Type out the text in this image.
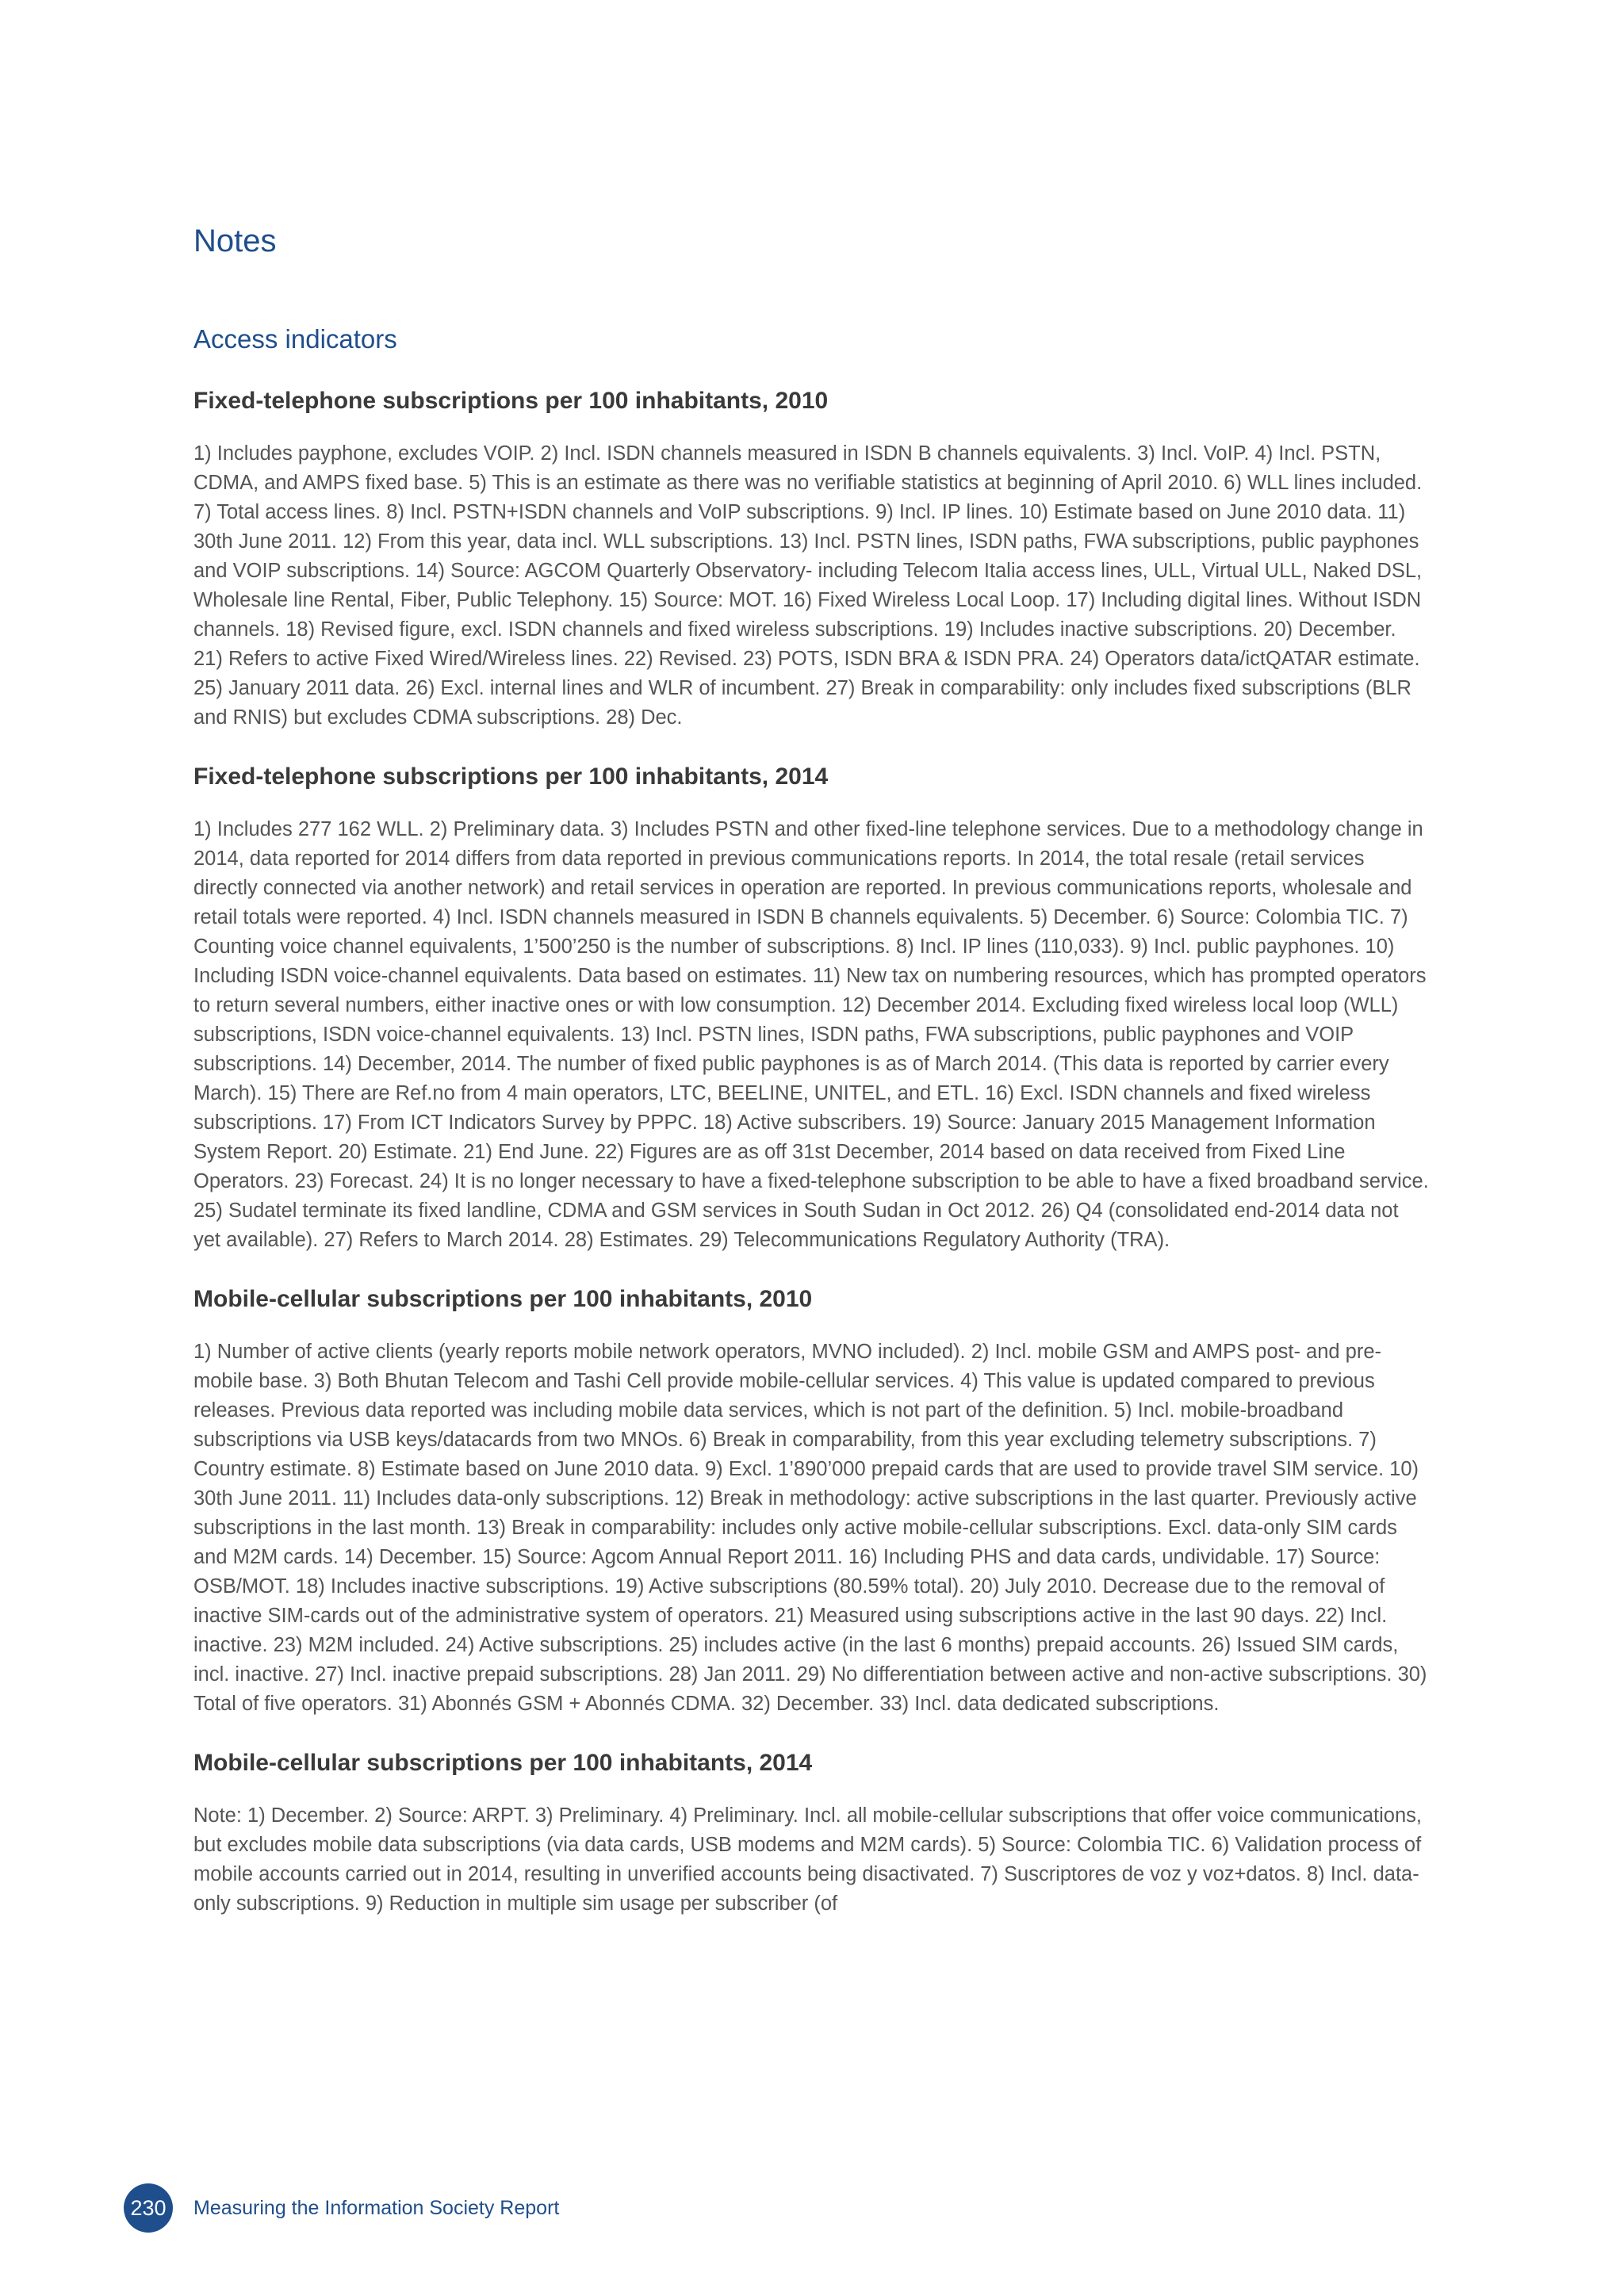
Notes
Access indicators
Fixed-telephone subscriptions per 100 inhabitants, 2010

1) Includes payphone, excludes VOIP. 2) Incl. ISDN channels measured in ISDN B channels equivalents. 3) Incl. VoIP. 4) Incl. PSTN, CDMA, and AMPS fixed base. 5) This is an estimate as there was no verifiable statistics at beginning of April 2010. 6) WLL lines included. 7) Total access lines. 8) Incl. PSTN+ISDN channels and VoIP subscriptions. 9) Incl. IP lines. 10) Estimate based on June 2010 data. 11) 30th June 2011. 12) From this year, data incl. WLL subscriptions. 13) Incl. PSTN lines, ISDN paths, FWA subscriptions, public payphones and VOIP subscriptions. 14) Source: AGCOM Quarterly Observatory- including Telecom Italia access lines, ULL, Virtual ULL, Naked DSL, Wholesale line Rental, Fiber, Public Telephony. 15) Source: MOT. 16) Fixed Wireless Local Loop. 17) Including digital lines. Without ISDN channels. 18) Revised figure, excl. ISDN channels and fixed wireless subscriptions. 19) Includes inactive subscriptions. 20) December. 21) Refers to active Fixed Wired/Wireless lines. 22) Revised. 23) POTS, ISDN BRA & ISDN PRA. 24) Operators data/ictQATAR estimate. 25) January 2011 data. 26) Excl. internal lines and WLR of incumbent. 27) Break in comparability: only includes fixed subscriptions (BLR and RNIS) but excludes CDMA subscriptions. 28) Dec.

Fixed-telephone subscriptions per 100 inhabitants, 2014

1) Includes 277 162 WLL. 2) Preliminary data. 3) Includes PSTN and other fixed-line telephone services. Due to a methodology change in 2014, data reported for 2014 differs from data reported in previous communications reports. In 2014, the total resale (retail services directly connected via another network) and retail services in operation are reported. In previous communications reports, wholesale and retail totals were reported. 4) Incl. ISDN channels measured in ISDN B channels equivalents. 5) December. 6) Source: Colombia TIC. 7) Counting voice channel equivalents, 1’500’250 is the number of subscriptions. 8) Incl. IP lines (110,033). 9) Incl. public payphones. 10) Including ISDN voice-channel equivalents. Data based on estimates. 11) New tax on numbering resources, which has prompted operators to return several numbers, either inactive ones or with low consumption. 12) December 2014. Excluding fixed wireless local loop (WLL) subscriptions, ISDN voice-channel equivalents. 13) Incl. PSTN lines, ISDN paths, FWA subscriptions, public payphones and VOIP subscriptions. 14) December, 2014. The number of fixed public payphones is as of March 2014. (This data is reported by carrier every March). 15) There are Ref.no from 4 main operators, LTC, BEELINE, UNITEL, and ETL. 16) Excl. ISDN channels and fixed wireless subscriptions. 17) From ICT Indicators Survey by PPPC. 18) Active subscribers. 19) Source: January 2015 Management Information System Report. 20) Estimate. 21) End June. 22) Figures are as off 31st December, 2014 based on data received from Fixed Line Operators. 23) Forecast. 24) It is no longer necessary to have a fixed-telephone subscription to be able to have a fixed broadband service. 25) Sudatel terminate its fixed landline, CDMA and GSM services in South Sudan in Oct 2012. 26) Q4 (consolidated end-2014 data not yet available). 27) Refers to March 2014. 28) Estimates. 29) Telecommunications Regulatory Authority (TRA).

Mobile-cellular subscriptions per 100 inhabitants, 2010

1) Number of active clients (yearly reports mobile network operators, MVNO included). 2) Incl. mobile GSM and AMPS post- and pre- mobile base. 3) Both Bhutan Telecom and Tashi Cell provide mobile-cellular services. 4) This value is updated compared to previous releases. Previous data reported was including mobile data services, which is not part of the definition. 5) Incl. mobile-broadband subscriptions via USB keys/datacards from two MNOs. 6) Break in comparability, from this year excluding telemetry subscriptions. 7) Country estimate. 8) Estimate based on June 2010 data. 9) Excl. 1’890’000 prepaid cards that are used to provide travel SIM service. 10) 30th June 2011. 11) Includes data-only subscriptions. 12) Break in methodology: active subscriptions in the last quarter. Previously active subscriptions in the last month. 13) Break in comparability: includes only active mobile-cellular subscriptions. Excl. data-only SIM cards and M2M cards. 14) December. 15) Source: Agcom Annual Report 2011. 16) Including PHS and data cards, undividable. 17) Source: OSB/MOT. 18) Includes inactive subscriptions. 19) Active subscriptions (80.59% total). 20) July 2010. Decrease due to the removal of inactive SIM-cards out of the administrative system of operators. 21) Measured using subscriptions active in the last 90 days. 22) Incl. inactive. 23) M2M included. 24) Active subscriptions. 25) includes active (in the last 6 months) prepaid accounts. 26) Issued SIM cards, incl. inactive. 27) Incl. inactive prepaid subscriptions. 28) Jan 2011. 29) No differentiation between active and non-active subscriptions. 30) Total of five operators. 31) Abonnés GSM + Abonnés CDMA. 32) December. 33) Incl. data dedicated subscriptions.

Mobile-cellular subscriptions per 100 inhabitants, 2014

Note: 1) December. 2) Source: ARPT. 3) Preliminary. 4) Preliminary. Incl. all mobile-cellular subscriptions that offer voice communications, but excludes mobile data subscriptions (via data cards, USB modems and M2M cards). 5) Source: Colombia TIC. 6) Validation process of mobile accounts carried out in 2014, resulting in unverified accounts being disactivated. 7) Suscriptores de voz y voz+datos. 8) Incl. data-only subscriptions. 9) Reduction in multiple sim usage per subscriber (of

230	Measuring the Information Society Report
